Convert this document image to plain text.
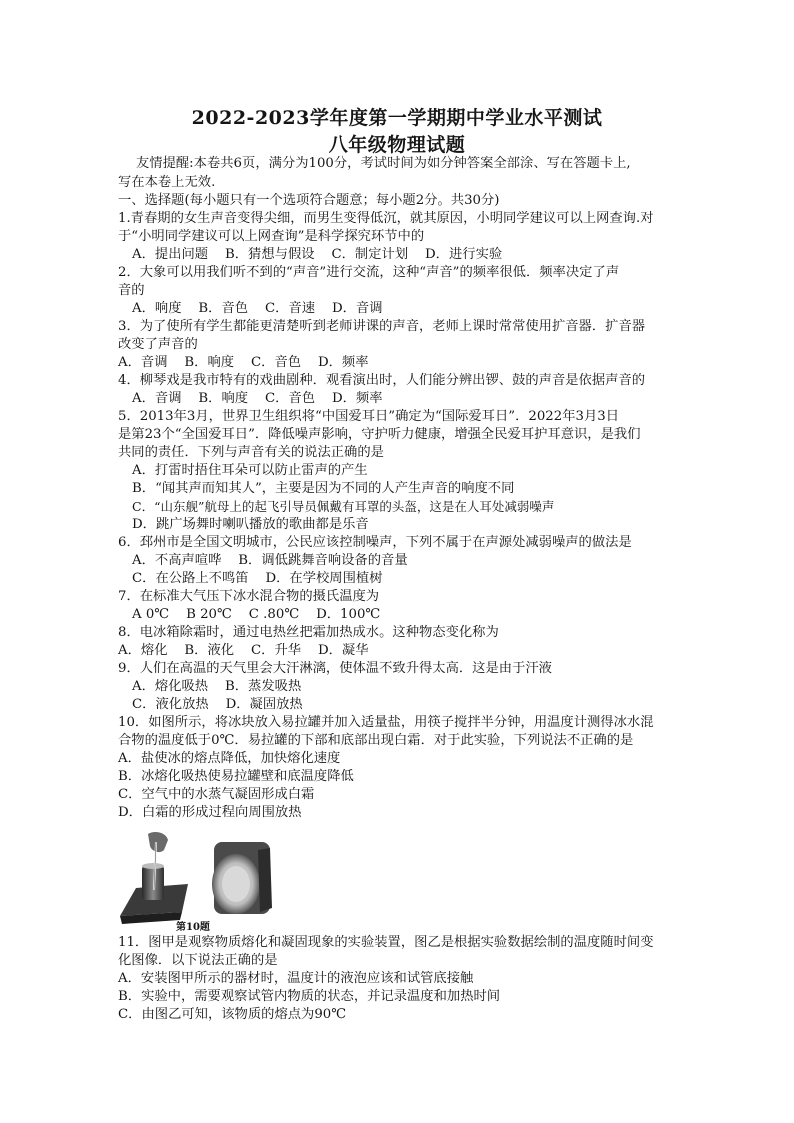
2022-2023学年度第一学期期中学业水平测试
八年级物理试题
友情提醒:本卷共6页，满分为100分，考试时间为如分钟答案全部涂、写在答题卡上,
写在本卷上无效.
一、选择题(每小题只有一个选项符合题意；每小题2分。共30分)
1.青春期的女生声音变得尖细，而男生变得低沉，就其原因，小明同学建议可以上网查询.对
于“小明同学建议可以上网查询”是科学探究环节中的
A．提出问题    B．猜想与假设    C．制定计划    D．进行实验
2．大象可以用我们听不到的“声音”进行交流，这种“声音”的频率很低．频率决定了声
音的
A．响度    B．音色    C．音速    D．音调
3．为了使所有学生都能更清楚听到老师讲课的声音，老师上课时常常使用扩音器．扩音器
改变了声音的
A．音调    B．响度    C．音色    D．频率
4．柳琴戏是我市特有的戏曲剧种．观看演出时，人们能分辨出锣、鼓的声音是依据声音的
A．音调    B．响度    C．音色    D．频率
5．2013年3月，世界卫生组织将“中国爱耳日”确定为“国际爱耳日”．2022年3月3日
是第23个“全国爱耳日”．降低噪声影响，守护听力健康，增强全民爱耳护耳意识，是我们
共同的责任．下列与声音有关的说法正确的是
A．打雷时捂住耳朵可以防止雷声的产生
B．“闻其声而知其人”，主要是因为不同的人产生声音的响度不同
C．“山东舰”航母上的起飞引导员佩戴有耳罩的头盔，这是在人耳处减弱噪声
D．跳广场舞时喇叭播放的歌曲都是乐音
6．邳州市是全国文明城市，公民应该控制噪声，下列不属于在声源处减弱噪声的做法是
A．不高声喧哗    B．调低跳舞音响设备的音量
C．在公路上不鸣笛    D．在学校周围植树
7．在标准大气压下冰水混合物的摄氏温度为
A 0℃    B 20℃    C .80℃    D．100℃
8．电冰箱除霜时，通过电热丝把霜加热成水。这种物态变化称为
A．熔化    B．液化    C．升华    D．凝华
9．人们在高温的天气里会大汗淋漓，使体温不致升得太高．这是由于汗液
A．熔化吸热    B．蒸发吸热
C．液化放热    D．凝固放热
10．如图所示，将冰块放入易拉罐并加入适量盐，用筷子搅拌半分钟，用温度计测得冰水混
合物的温度低于0℃．易拉罐的下部和底部出现白霜．对于此实验，下列说法不正确的是
A．盐使冰的熔点降低，加快熔化速度
B．冰熔化吸热使易拉罐壁和底温度降低
C．空气中的水蒸气凝固形成白霜
D．白霜的形成过程向周围放热
第10题
11．图甲是观察物质熔化和凝固现象的实验装置，图乙是根据实验数据绘制的温度随时间变
化图像．以下说法正确的是
A．安装图甲所示的器材时，温度计的液泡应该和试管底接触
B．实验中，需要观察试管内物质的状态，并记录温度和加热时间
C．由图乙可知，该物质的熔点为90℃
